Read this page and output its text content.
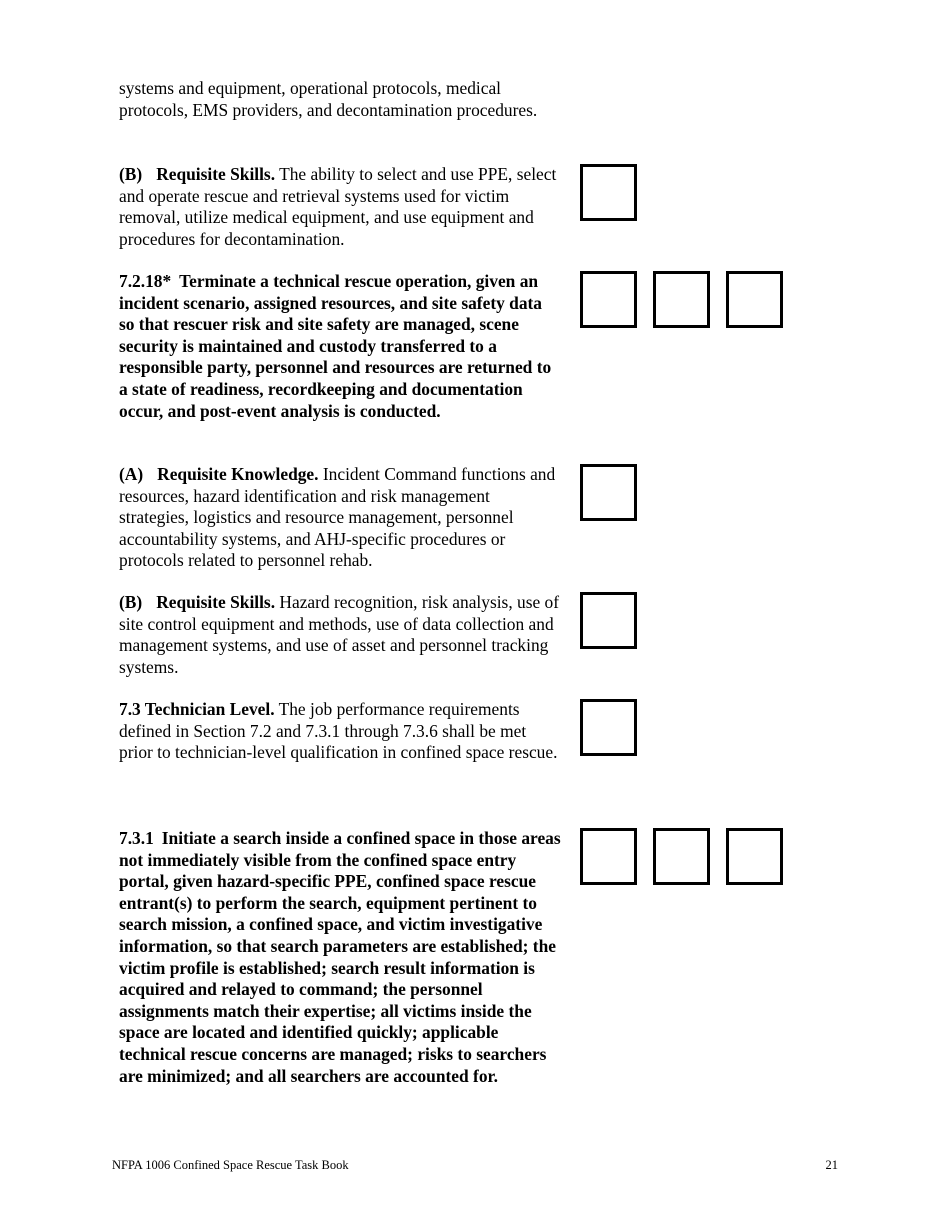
systems and equipment, operational protocols, medical protocols, EMS providers, and decontamination procedures.

(B) Requisite Skills. The ability to select and use PPE, select and operate rescue and retrieval systems used for victim removal, utilize medical equipment, and use equipment and procedures for decontamination.

7.2.18* Terminate a technical rescue operation, given an incident scenario, assigned resources, and site safety data so that rescuer risk and site safety are managed, scene security is maintained and custody transferred to a responsible party, personnel and resources are returned to a state of readiness, recordkeeping and documentation occur, and post-event analysis is conducted.

(A) Requisite Knowledge. Incident Command functions and resources, hazard identification and risk management strategies, logistics and resource management, personnel accountability systems, and AHJ-specific procedures or protocols related to personnel rehab.

(B) Requisite Skills. Hazard recognition, risk analysis, use of site control equipment and methods, use of data collection and management systems, and use of asset and personnel tracking systems.

7.3 Technician Level. The job performance requirements defined in Section 7.2 and 7.3.1 through 7.3.6 shall be met prior to technician-level qualification in confined space rescue.

7.3.1 Initiate a search inside a confined space in those areas not immediately visible from the confined space entry portal, given hazard-specific PPE, confined space rescue entrant(s) to perform the search, equipment pertinent to search mission, a confined space, and victim investigative information, so that search parameters are established; the victim profile is established; search result information is acquired and relayed to command; the personnel assignments match their expertise; all victims inside the space are located and identified quickly; applicable technical rescue concerns are managed; risks to searchers are minimized; and all searchers are accounted for.

NFPA 1006 Confined Space Rescue Task Book	21
